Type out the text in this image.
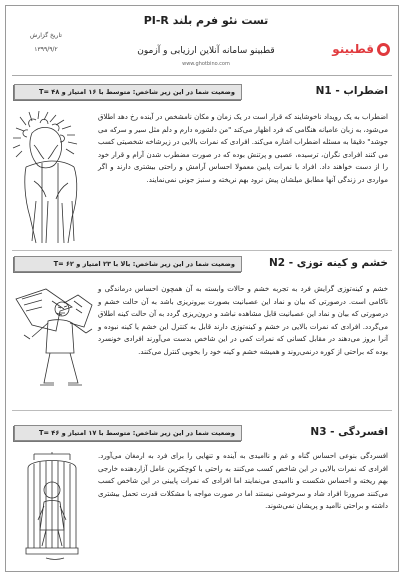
قطبینو
تست نئو فرم بلند PI-R
قطبینو سامانه آنلاین ارزیابی و آزمون
www.ghotbino.com
تاریخ گزارش
۱۳۹۹/۹/۲
اضطراب - N1
وضعیت شما در این زیر شاخص: متوسط با ۱۶ امتیاز و T= ۴۸
اضطراب به یک رویداد ناخوشایند که قرار است در یک زمان و مکان نامشخص در آینده رخ دهد اطلاق می‌شود، به زبان عامیانه هنگامی که فرد اظهار می‌کند "من دلشوره دارم و دلم مثل سیر و سرکه می جوشد" دقیقا به مسئله اضطراب اشاره می‌کند. افرادی که نمرات بالایی در زیرشاخه شخصیتی کسب می کنند افرادی نگران، ترسیده، عصبی و پرتنش بوده که در صورت مضطرب شدن آرام و قرار خود را از دست خواهند داد. افراد با نمرات پایین معمولا احساس آرامش و راحتی بیشتری دارند و اگر مواردی در زندگی آنها مطابق میلشان پیش نرود بهم نریخته و سنبز جونی نمی‌نمایند.
خشم و کینه توزی - N2
وضعیت شما در این زیر شاخص: بالا با ۲۳ امتیاز و T= ۶۲
خشم و کینه‌توزی گرایش فرد به تجربه خشم و حالات وابسته به آن همچون احساس درماندگی و ناکامی است. درصورتی که بیان و نماد این عصبانیت بصورت بیرونریزی باشد به آن حالت خشم و درصورتی که بیان و نماد این عصبانیت قابل مشاهده نباشد و درون‌ریزی گردد به آن حالت کینه اطلاق می‌گردد. افرادی که نمرات بالایی در خشم و کینه‌توزی دارند قابل به کنترل این خشم یا کینه نبوده و آنرا بروز می‌دهند در مقابل کسانی که نمرات کمی در این شاخص بدست می‌آورند افرادی خونسرد بوده که براحتی از کوره درنمی‌روند و همیشه خشم و کینه خود را بخوبی کنترل می‌کنند.
افسردگی - N3
وضعیت شما در این زیر شاخص: متوسط با ۱۷ امتیاز و T= ۴۶
افسردگی بنوعی احساس گناه و غم و ناامیدی به آینده و تنهایی را برای فرد به ارمغان می‌آورد. افرادی که نمرات بالایی در این شاخص کسب می‌کنند به راحتی با کوچکترین عامل آزاردهنده خارجی بهم ریخته و احساس شکست و ناامیدی می‌نمایند اما افرادی که نمرات پایینی در این شاخص کسب می‌کنند صرورتا افراد شاد و سرخوشی نیستند اما در صورت مواجه با مشکلات قدرت تحمل بیشتری داشته و براحتی ناامید و پریشان نمی‌شوند.
